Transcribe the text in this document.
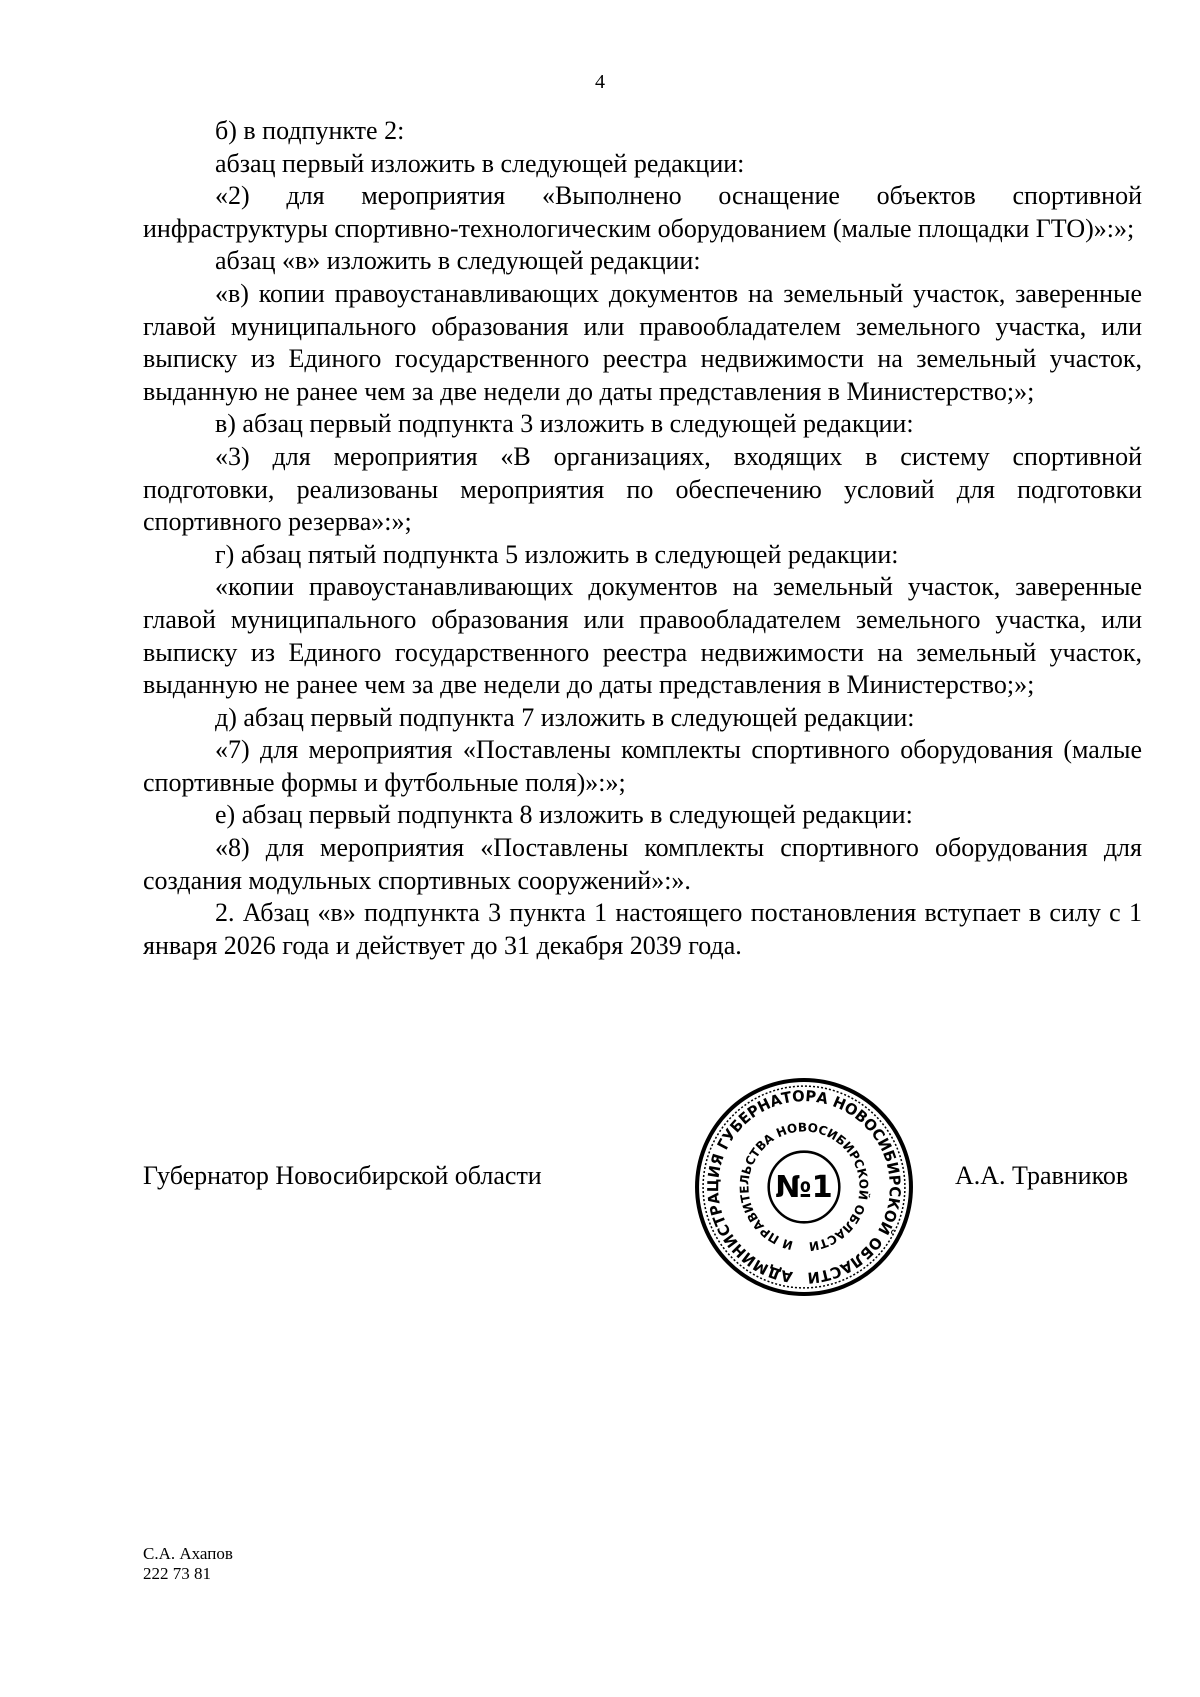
4

б) в подпункте 2:

абзац первый изложить в следующей редакции:

«2) для мероприятия «Выполнено оснащение объектов спортивной инфраструктуры спортивно-технологическим оборудованием (малые площадки ГТО)»:»;

абзац «в» изложить в следующей редакции:

«в) копии правоустанавливающих документов на земельный участок, заверенные главой муниципального образования или правообладателем земельного участка, или выписку из Единого государственного реестра недвижимости на земельный участок, выданную не ранее чем за две недели до даты представления в Министерство;»;

в) абзац первый подпункта 3 изложить в следующей редакции:

«3) для мероприятия «В организациях, входящих в систему спортивной подготовки, реализованы мероприятия по обеспечению условий для подготовки спортивного резерва»:»;

г) абзац пятый подпункта 5 изложить в следующей редакции:

«копии правоустанавливающих документов на земельный участок, заверенные главой муниципального образования или правообладателем земельного участка, или выписку из Единого государственного реестра недвижимости на земельный участок, выданную не ранее чем за две недели до даты представления в Министерство;»;

д) абзац первый подпункта 7 изложить в следующей редакции:

«7) для мероприятия «Поставлены комплекты спортивного оборудования (малые спортивные формы и футбольные поля)»:»;

е) абзац первый подпункта 8 изложить в следующей редакции:

«8) для мероприятия «Поставлены комплекты спортивного оборудования для создания модульных спортивных сооружений»:».

2. Абзац «в» подпункта 3 пункта 1 настоящего постановления вступает в силу с 1 января 2026 года и действует до 31 декабря 2039 года.

Губернатор Новосибирской области
АДМИНИСТРАЦИЯ ГУБЕРНАТОРА НОВОСИБИРСКОЙ ОБЛАСТИ
И ПРАВИТЕЛЬСТВА НОВОСИБИРСКОЙ ОБЛАСТИ
№1	А.А. Травников
С.А. Ахапов
222 73 81
